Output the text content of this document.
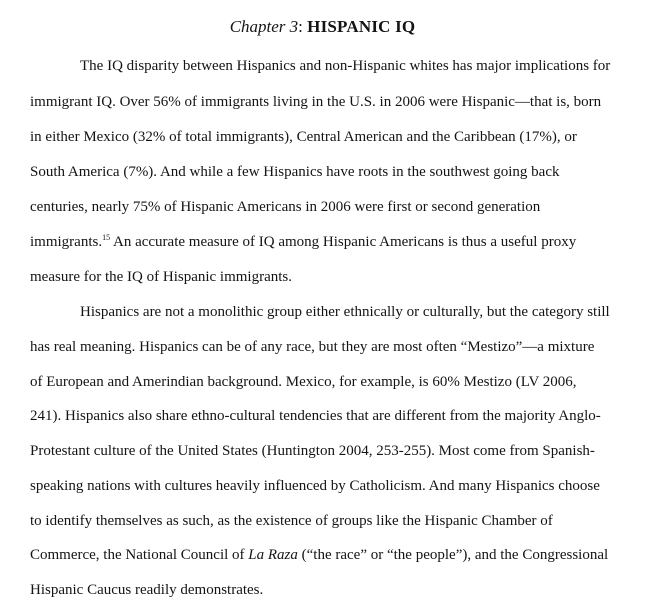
Chapter 3: HISPANIC IQ
The IQ disparity between Hispanics and non-Hispanic whites has major implications for
immigrant IQ. Over 56% of immigrants living in the U.S. in 2006 were Hispanic—that is, born
in either Mexico (32% of total immigrants), Central American and the Caribbean (17%), or
South America (7%). And while a few Hispanics have roots in the southwest going back
centuries, nearly 75% of Hispanic Americans in 2006 were first or second generation
immigrants.$^{15}$ An accurate measure of IQ among Hispanic Americans is thus a useful proxy
measure for the IQ of Hispanic immigrants.
Hispanics are not a monolithic group either ethnically or culturally, but the category still
has real meaning. Hispanics can be of any race, but they are most often “Mestizo”—a mixture
of European and Amerindian background. Mexico, for example, is 60% Mestizo (LV 2006,
241). Hispanics also share ethno-cultural tendencies that are different from the majority Anglo-
Protestant culture of the United States (Huntington 2004, 253-255). Most come from Spanish-
speaking nations with cultures heavily influenced by Catholicism. And many Hispanics choose
to identify themselves as such, as the existence of groups like the Hispanic Chamber of
Commerce, the National Council of La Raza (“the race” or “the people”), and the Congressional
Hispanic Caucus readily demonstrates.
